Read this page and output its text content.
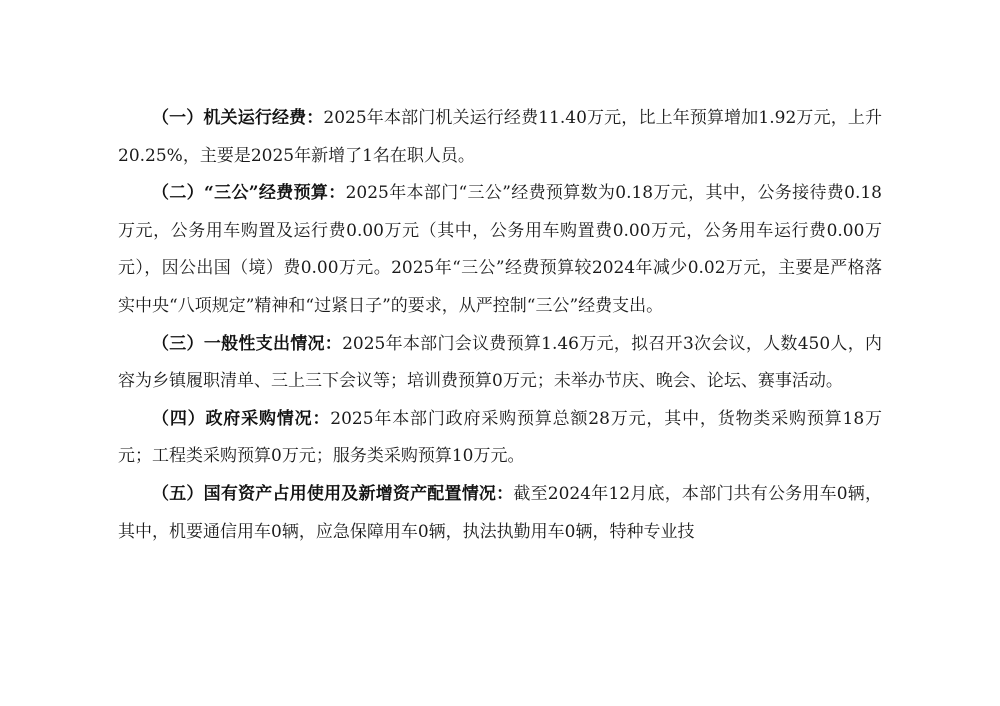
（一）机关运行经费：2025年本部门机关运行经费11.40万元，比上年预算增加1.92万元，上升20.25%，主要是2025年新增了1名在职人员。

（二）“三公”经费预算：2025年本部门“三公”经费预算数为0.18万元，其中，公务接待费0.18万元，公务用车购置及运行费0.00万元（其中，公务用车购置费0.00万元，公务用车运行费0.00万元），因公出国（境）费0.00万元。2025年“三公”经费预算较2024年减少0.02万元，主要是严格落实中央“八项规定”精神和“过紧日子”的要求，从严控制“三公”经费支出。

（三）一般性支出情况：2025年本部门会议费预算1.46万元，拟召开3次会议，人数450人，内容为乡镇履职清单、三上三下会议等；培训费预算0万元；未举办节庆、晚会、论坛、赛事活动。

（四）政府采购情况：2025年本部门政府采购预算总额28万元，其中，货物类采购预算18万元；工程类采购预算0万元；服务类采购预算10万元。

（五）国有资产占用使用及新增资产配置情况：截至2024年12月底，本部门共有公务用车0辆，其中，机要通信用车0辆，应急保障用车0辆，执法执勤用车0辆，特种专业技
